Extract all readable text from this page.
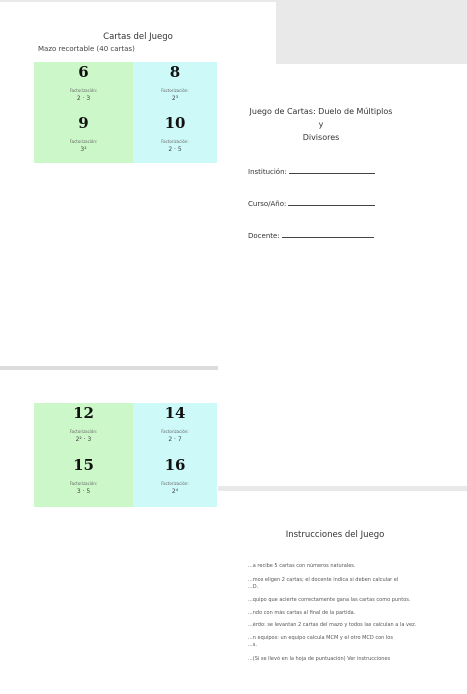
Cartas del Juego
Mazo recortable (40 cartas)
6
Factorización:
2 · 3
8
Factorización:
2³
9
Factorización:
3²
10
Factorización:
2 · 5
Juego de Cartas: Duelo de Múltiplos y
Divisores
Institución:
Curso/Año:
Docente:
12
Factorización:
2² · 3
14
Factorización:
2 · 7
15
Factorización:
3 · 5
16
Factorización:
2⁴
Instrucciones del Juego
...a recibe 5 cartas con números naturales.
...mos eligen 2 cartas; el docente indica si deben calcular el
...D.
...quipo que acierte correctamente gana las cartas como puntos.
...ndo con más cartas al final de la partida.
...érdo: se levantan 2 cartas del mazo y todos las calculan a la vez.
...n equipos: un equipo calcula MCM y el otro MCD con los
...s.
...(Si se llevó en la hoja de puntuación) Ver instrucciones
